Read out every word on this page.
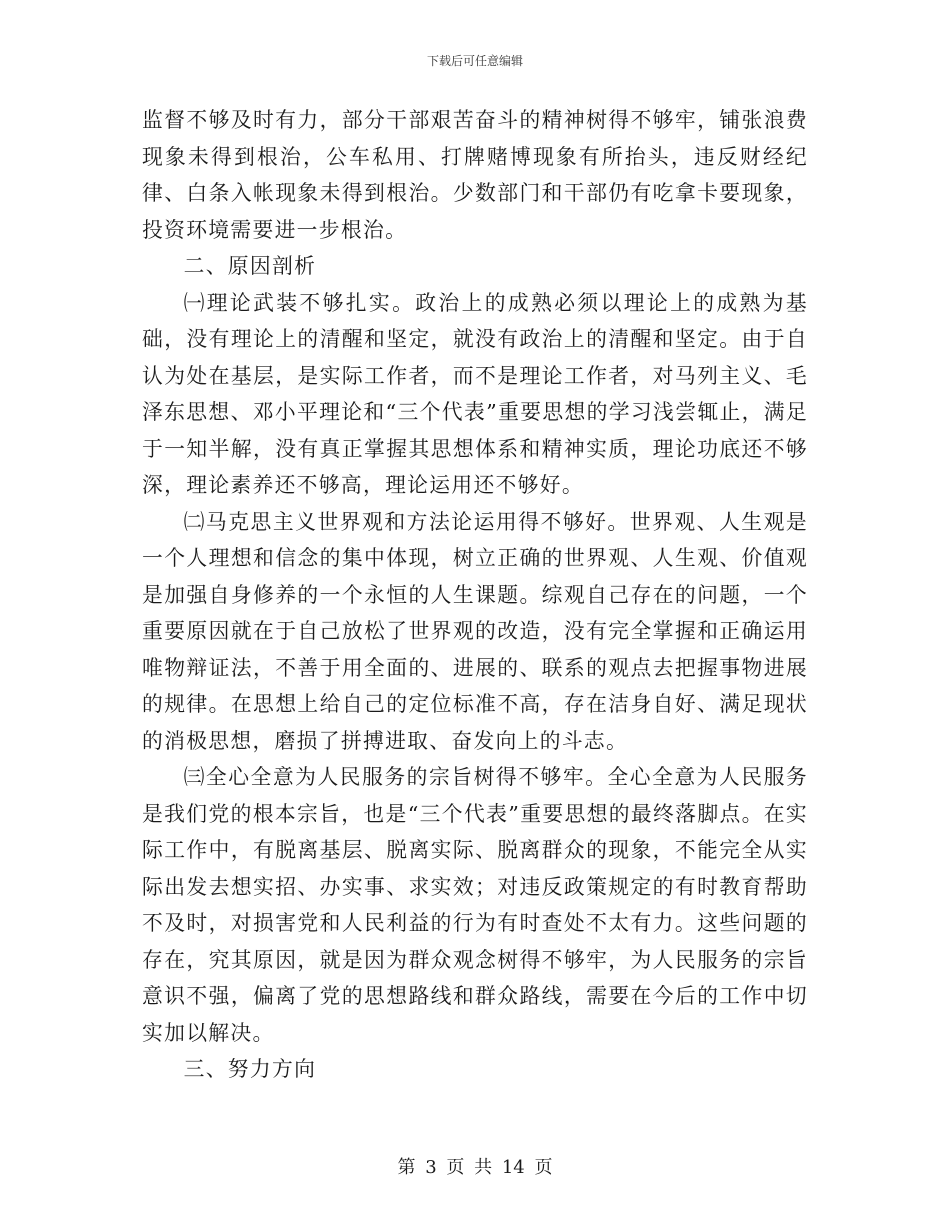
下载后可任意编辑

监督不够及时有力，部分干部艰苦奋斗的精神树得不够牢，铺张浪费现象未得到根治，公车私用、打牌赌博现象有所抬头，违反财经纪律、白条入帐现象未得到根治。少数部门和干部仍有吃拿卡要现象，投资环境需要进一步根治。

二、原因剖析

㈠理论武装不够扎实。政治上的成熟必须以理论上的成熟为基础，没有理论上的清醒和坚定，就没有政治上的清醒和坚定。由于自认为处在基层，是实际工作者，而不是理论工作者，对马列主义、毛泽东思想、邓小平理论和“三个代表”重要思想的学习浅尝辄止，满足于一知半解，没有真正掌握其思想体系和精神实质，理论功底还不够深，理论素养还不够高，理论运用还不够好。

㈡马克思主义世界观和方法论运用得不够好。世界观、人生观是一个人理想和信念的集中体现，树立正确的世界观、人生观、价值观是加强自身修养的一个永恒的人生课题。综观自己存在的问题，一个重要原因就在于自己放松了世界观的改造，没有完全掌握和正确运用唯物辩证法，不善于用全面的、进展的、联系的观点去把握事物进展的规律。在思想上给自己的定位标准不高，存在洁身自好、满足现状的消极思想，磨损了拼搏进取、奋发向上的斗志。

㈢全心全意为人民服务的宗旨树得不够牢。全心全意为人民服务是我们党的根本宗旨，也是“三个代表”重要思想的最终落脚点。在实际工作中，有脱离基层、脱离实际、脱离群众的现象，不能完全从实际出发去想实招、办实事、求实效；对违反政策规定的有时教育帮助不及时，对损害党和人民利益的行为有时查处不太有力。这些问题的存在，究其原因，就是因为群众观念树得不够牢，为人民服务的宗旨意识不强，偏离了党的思想路线和群众路线，需要在今后的工作中切实加以解决。

三、努力方向

第 3 页 共 14 页
